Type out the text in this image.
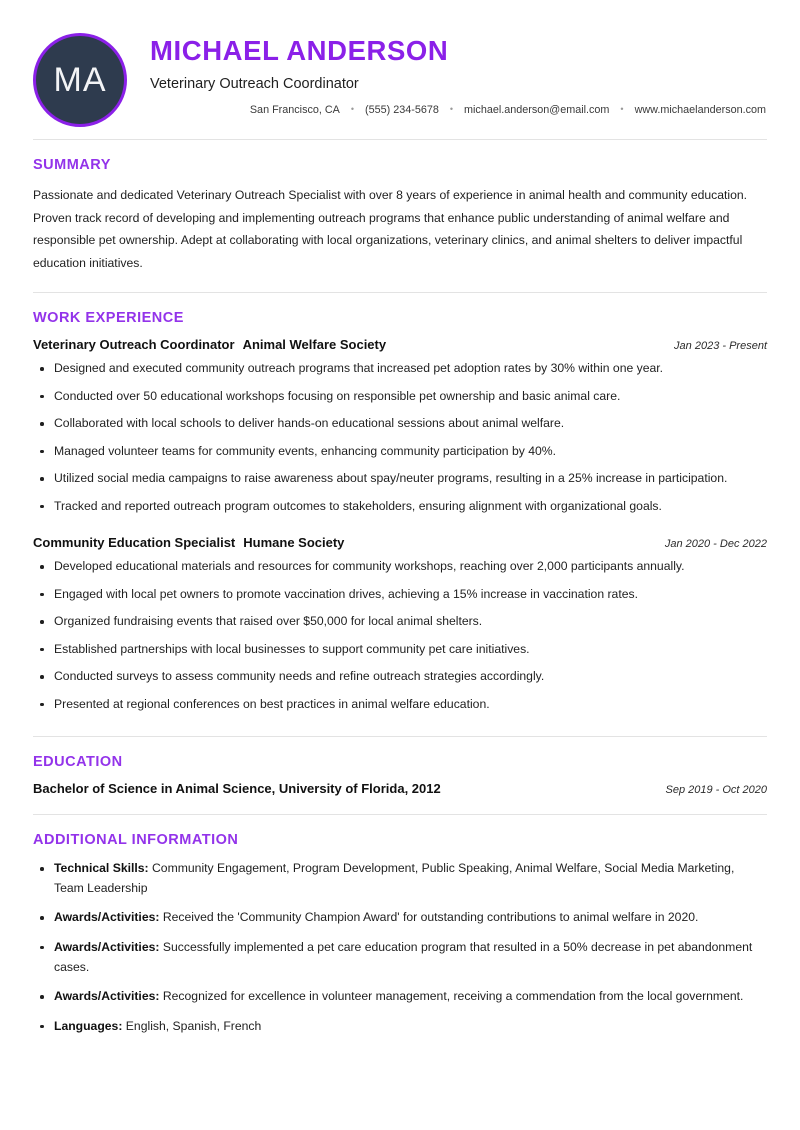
MA
MICHAEL ANDERSON
Veterinary Outreach Coordinator
San Francisco, CA	•	(555) 234-5678	•	michael.anderson@email.com	•	www.michaelanderson.com
SUMMARY

Passionate and dedicated Veterinary Outreach Specialist with over 8 years of experience in animal health and community education. Proven track record of developing and implementing outreach programs that enhance public understanding of animal welfare and responsible pet ownership. Adept at collaborating with local organizations, veterinary clinics, and animal shelters to deliver impactful education initiatives.

WORK EXPERIENCE
Veterinary Outreach Coordinator Animal Welfare Society	Jan 2023 - Present
Designed and executed community outreach programs that increased pet adoption rates by 30% within one year.
Conducted over 50 educational workshops focusing on responsible pet ownership and basic animal care.
Collaborated with local schools to deliver hands-on educational sessions about animal welfare.
Managed volunteer teams for community events, enhancing community participation by 40%.
Utilized social media campaigns to raise awareness about spay/neuter programs, resulting in a 25% increase in participation.
Tracked and reported outreach program outcomes to stakeholders, ensuring alignment with organizational goals.
Community Education Specialist Humane Society	Jan 2020 - Dec 2022
Developed educational materials and resources for community workshops, reaching over 2,000 participants annually.
Engaged with local pet owners to promote vaccination drives, achieving a 15% increase in vaccination rates.
Organized fundraising events that raised over $50,000 for local animal shelters.
Established partnerships with local businesses to support community pet care initiatives.
Conducted surveys to assess community needs and refine outreach strategies accordingly.
Presented at regional conferences on best practices in animal welfare education.
EDUCATION
Bachelor of Science in Animal Science, University of Florida, 2012	Sep 2019 - Oct 2020
ADDITIONAL INFORMATION
Technical Skills: Community Engagement, Program Development, Public Speaking, Animal Welfare, Social Media Marketing, Team Leadership
Awards/Activities: Received the 'Community Champion Award' for outstanding contributions to animal welfare in 2020.
Awards/Activities: Successfully implemented a pet care education program that resulted in a 50% decrease in pet abandonment cases.
Awards/Activities: Recognized for excellence in volunteer management, receiving a commendation from the local government.
Languages: English, Spanish, French
